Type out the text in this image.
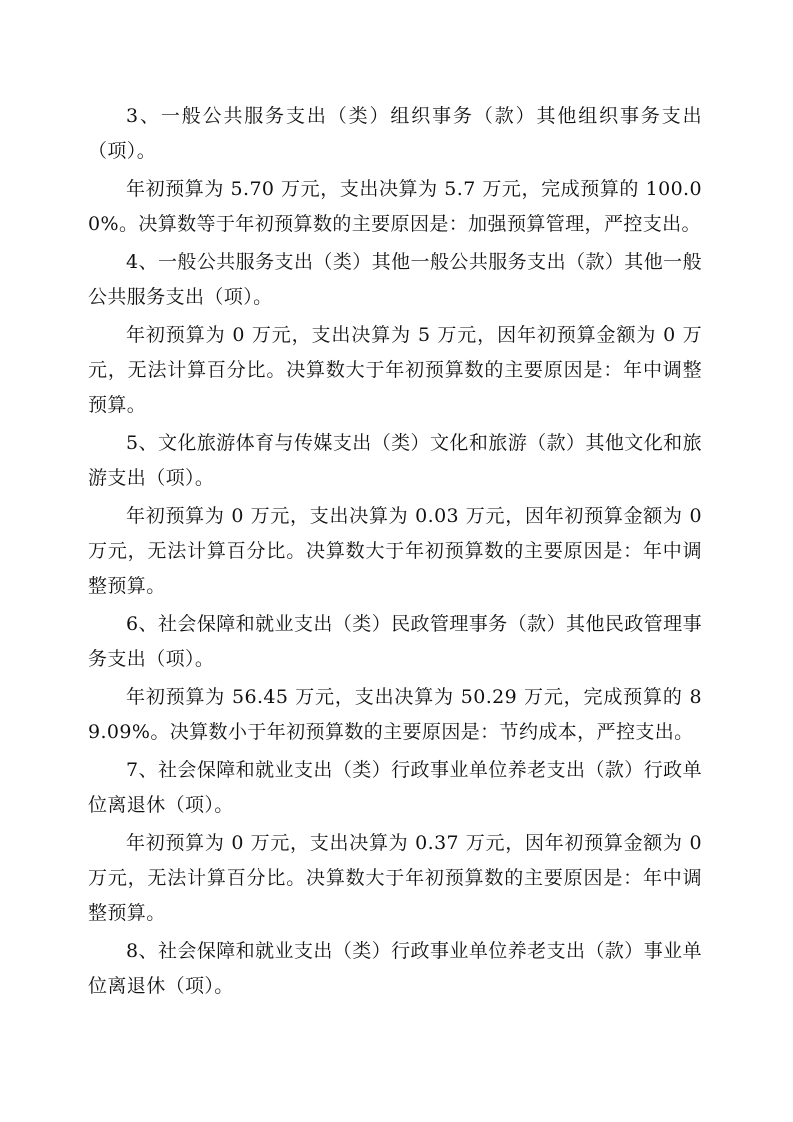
3、一般公共服务支出（类）组织事务（款）其他组织事务支出（项）。

年初预算为 5.70 万元，支出决算为 5.7 万元，完成预算的 100.00%。决算数等于年初预算数的主要原因是：加强预算管理，严控支出。

4、一般公共服务支出（类）其他一般公共服务支出（款）其他一般公共服务支出（项）。

年初预算为 0 万元，支出决算为 5 万元，因年初预算金额为 0 万元，无法计算百分比。决算数大于年初预算数的主要原因是：年中调整预算。

5、文化旅游体育与传媒支出（类）文化和旅游（款）其他文化和旅游支出（项）。

年初预算为 0 万元，支出决算为 0.03 万元，因年初预算金额为 0 万元，无法计算百分比。决算数大于年初预算数的主要原因是：年中调整预算。

6、社会保障和就业支出（类）民政管理事务（款）其他民政管理事务支出（项）。

年初预算为 56.45 万元，支出决算为 50.29 万元，完成预算的 89.09%。决算数小于年初预算数的主要原因是：节约成本，严控支出。

7、社会保障和就业支出（类）行政事业单位养老支出（款）行政单位离退休（项）。

年初预算为 0 万元，支出决算为 0.37 万元，因年初预算金额为 0 万元，无法计算百分比。决算数大于年初预算数的主要原因是：年中调整预算。

8、社会保障和就业支出（类）行政事业单位养老支出（款）事业单位离退休（项）。
